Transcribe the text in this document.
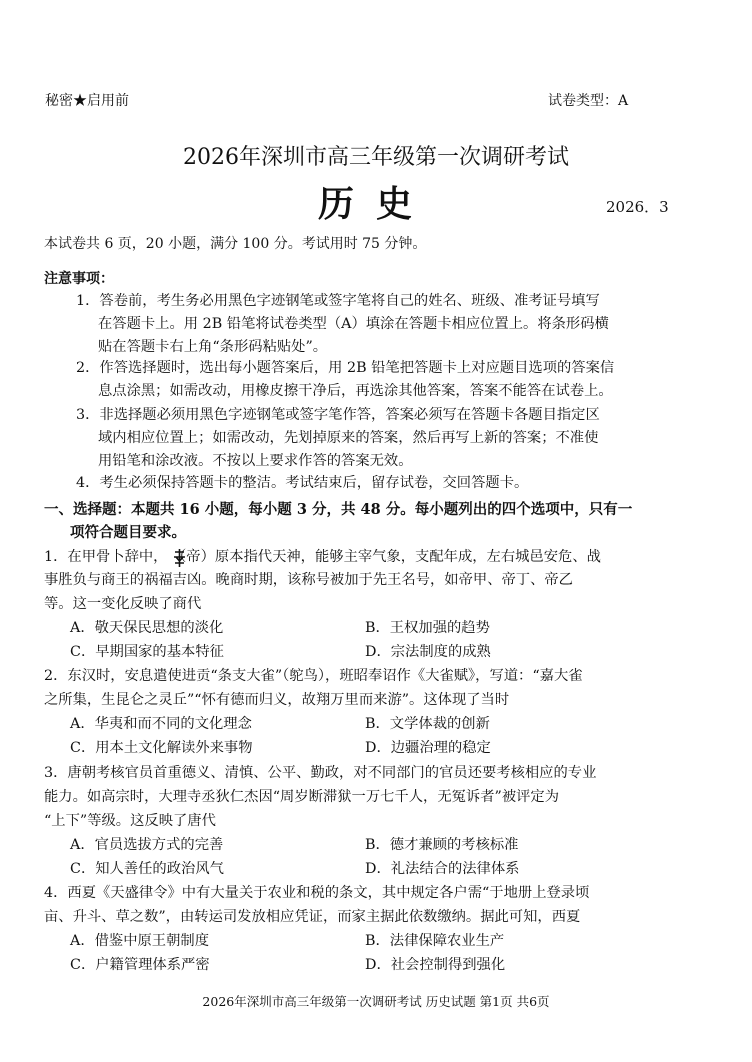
秘密★启用前	试卷类型：A
2026年深圳市高三年级第一次调研考试
历史	2026．3
本试卷共 6 页，20 小题，满分 100 分。考试用时 75 分钟。
注意事项：
1．答卷前，考生务必用黑色字迹钢笔或签字笔将自己的姓名、班级、准考证号填写
在答题卡上。用 2B 铅笔将试卷类型（A）填涂在答题卡相应位置上。将条形码横
贴在答题卡右上角“条形码粘贴处”。
2．作答选择题时，选出每小题答案后，用 2B 铅笔把答题卡上对应题目选项的答案信
息点涂黑；如需改动，用橡皮擦干净后，再选涂其他答案，答案不能答在试卷上。
3．非选择题必须用黑色字迹钢笔或签字笔作答，答案必须写在答题卡各题目指定区
域内相应位置上；如需改动，先划掉原来的答案，然后再写上新的答案；不准使
用铅笔和涂改液。不按以上要求作答的答案无效。
4．考生必须保持答题卡的整洁。考试结束后，留存试卷，交回答题卡。
一、选择题：本题共 16 小题，每小题 3 分，共 48 分。每小题列出的四个选项中，只有一
项符合题目要求。
1．在甲骨卜辞中， （帝）原本指代天神，能够主宰气象，支配年成，左右城邑安危、战
事胜负与商王的祸福吉凶。晚商时期，该称号被加于先王名号，如帝甲、帝丁、帝乙
等。这一变化反映了商代
A．敬天保民思想的淡化	B．王权加强的趋势
C．早期国家的基本特征	D．宗法制度的成熟
2．东汉时，安息遣使进贡“条支大雀”（鸵鸟），班昭奉诏作《大雀赋》，写道：“嘉大雀
之所集，生昆仑之灵丘”“怀有德而归义，故翔万里而来游”。这体现了当时
A．华夷和而不同的文化理念	B．文学体裁的创新
C．用本土文化解读外来事物	D．边疆治理的稳定
3．唐朝考核官员首重德义、清慎、公平、勤政，对不同部门的官员还要考核相应的专业
能力。如高宗时，大理寺丞狄仁杰因“周岁断滞狱一万七千人，无冤诉者”被评定为
“上下”等级。这反映了唐代
A．官员选拔方式的完善	B．德才兼顾的考核标准
C．知人善任的政治风气	D．礼法结合的法律体系
4．西夏《天盛律令》中有大量关于农业和税的条文，其中规定各户需“于地册上登录顷
亩、升斗、草之数”，由转运司发放相应凭证，而家主据此依数缴纳。据此可知，西夏
A．借鉴中原王朝制度	B．法律保障农业生产
C．户籍管理体系严密	D．社会控制得到强化
2026年深圳市高三年级第一次调研考试 历史试题 第1页 共6页
